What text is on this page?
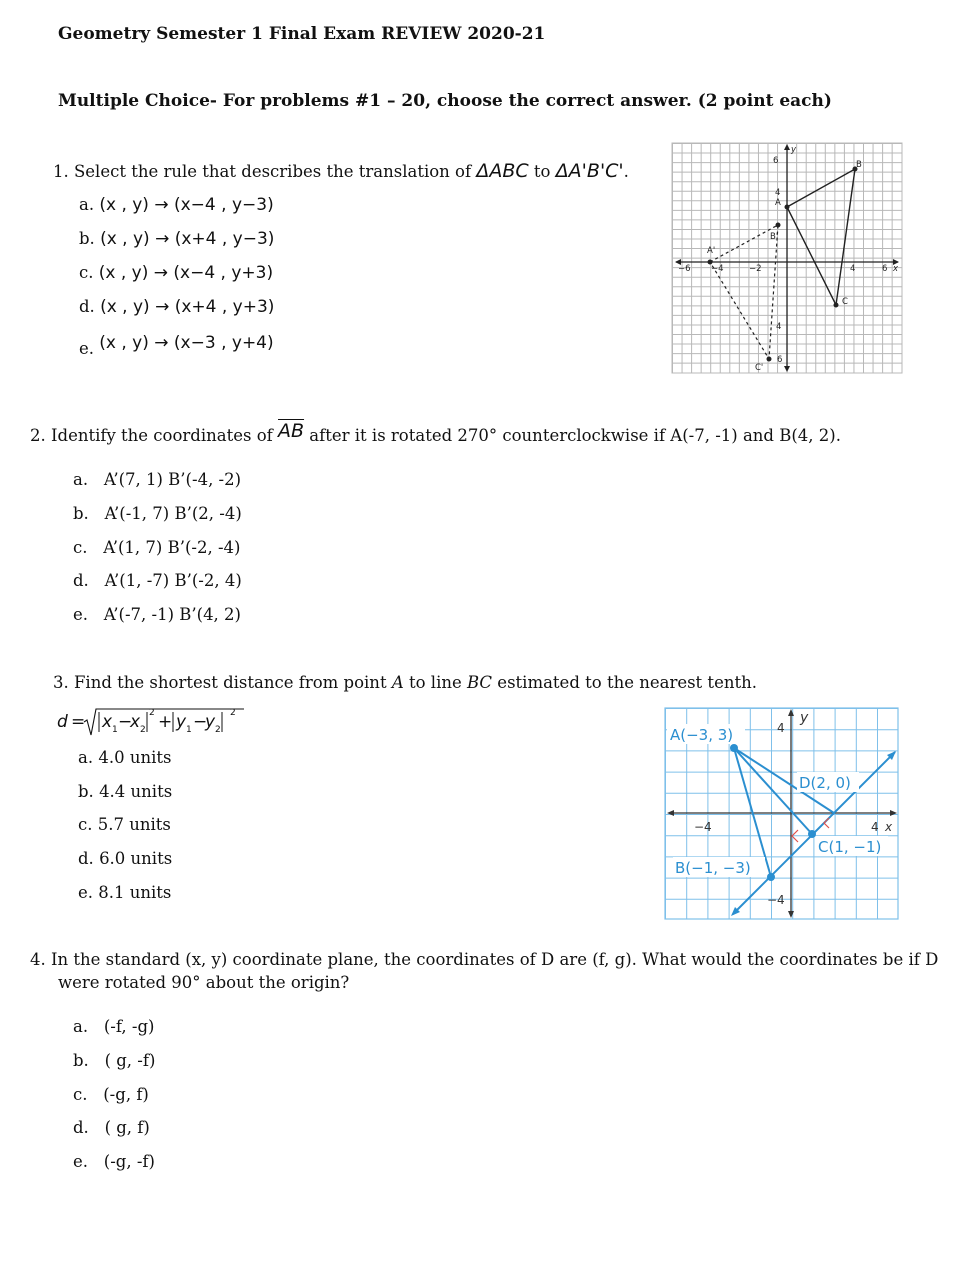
Geometry Semester 1 Final Exam REVIEW 2020-21
Multiple Choice- For problems #1 – 20, choose the correct answer. (2 point each)
1. Select the rule that describes the translation of ΔABC to ΔA'B'C'.
a. (x , y) → (x−4 , y−3)
b. (x , y) → (x+4 , y−3)
c. (x , y) → (x−4 , y+3)
d. (x , y) → (x+4 , y+3)
e. (x , y) → (x−3 , y+4)
6
y
4
A
B
C
A'
B'
C'
−6 −4	−2	4	6 x
4
6
2. Identify the coordinates of $\overline{AB}$ after it is rotated 270° counterclockwise if A(-7, -1) and B(4, 2).
a. A’(7, 1) B’(-4, -2)
b. A’(-1, 7) B’(2, -4)
c. A’(1, 7) B’(-2, -4)
d. A’(1, -7) B’(-2, 4)
e. A’(-7, -1) B’(4, 2)
3. Find the shortest distance from point A to line BC estimated to the nearest tenth.
d = x 1 −
x 2
2 + y 1 −
y 2
2
a. 4.0 units
b. 4.4 units
c. 5.7 units
d. 6.0 units
e. 8.1 units
A(−3, 3)
D(2, 0)
C(1, −1)
B(−1, −3)
4
y
−4	4 x
−4
4. In the standard (x, y) coordinate plane, the coordinates of D are (f, g). What would the coordinates be if D
were rotated 90° about the origin?
a. (-f, -g)
b. ( g, -f)
c. (-g, f)
d. ( g, f)
e. (-g, -f)
